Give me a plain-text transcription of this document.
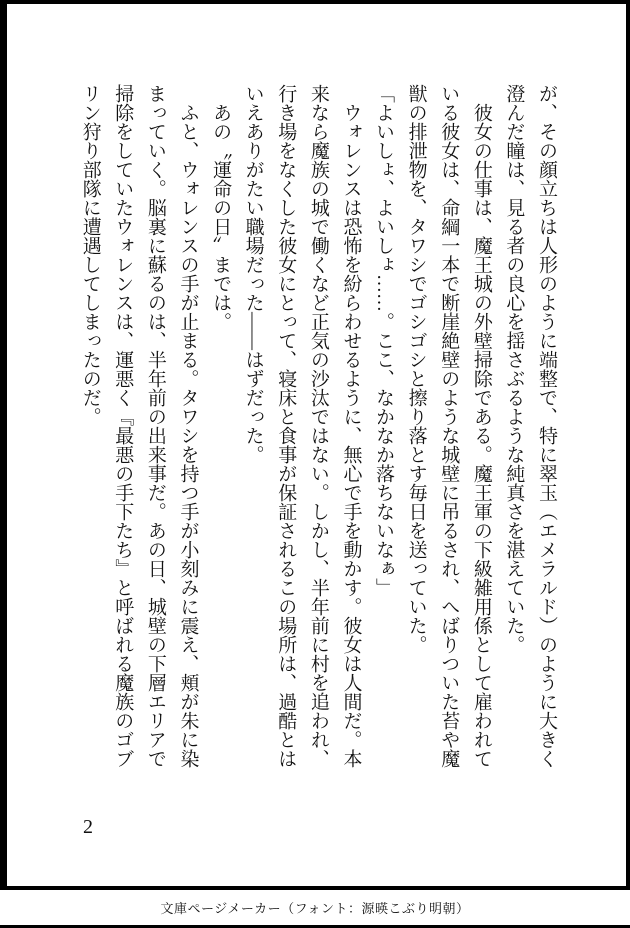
が、その顔立ちは人形のように端整で、特に翠玉（エメラルド）のように大きく澄んだ瞳は、見る者の良心を揺さぶるような純真さを湛えていた。

彼女の仕事は、魔王城の外壁掃除である。魔王軍の下級雑用係として雇われている彼女は、命綱一本で断崖絶壁のような城壁に吊るされ、へばりついた苔や魔獣の排泄物を、タワシでゴシゴシと擦り落とす毎日を送っていた。

「よいしょ、よいしょ……。ここ、なかなか落ちないなぁ」

ウォレンスは恐怖を紛らわせるように、無心で手を動かす。彼女は人間だ。本来なら魔族の城で働くなど正気の沙汰ではない。しかし、半年前に村を追われ、行き場をなくした彼女にとって、寝床と食事が保証されるこの場所は、過酷とはいえありがたい職場だった――はずだった。

あの〝運命の日〟までは。

ふと、ウォレンスの手が止まる。タワシを持つ手が小刻みに震え、頬が朱に染まっていく。脳裏に蘇るのは、半年前の出来事だ。あの日、城壁の下層エリアで掃除をしていたウォレンスは、運悪く『最悪の手下たち』と呼ばれる魔族のゴブリン狩り部隊に遭遇してしまったのだ。

2
文庫ページメーカー（フォント：源暎こぶり明朝）
